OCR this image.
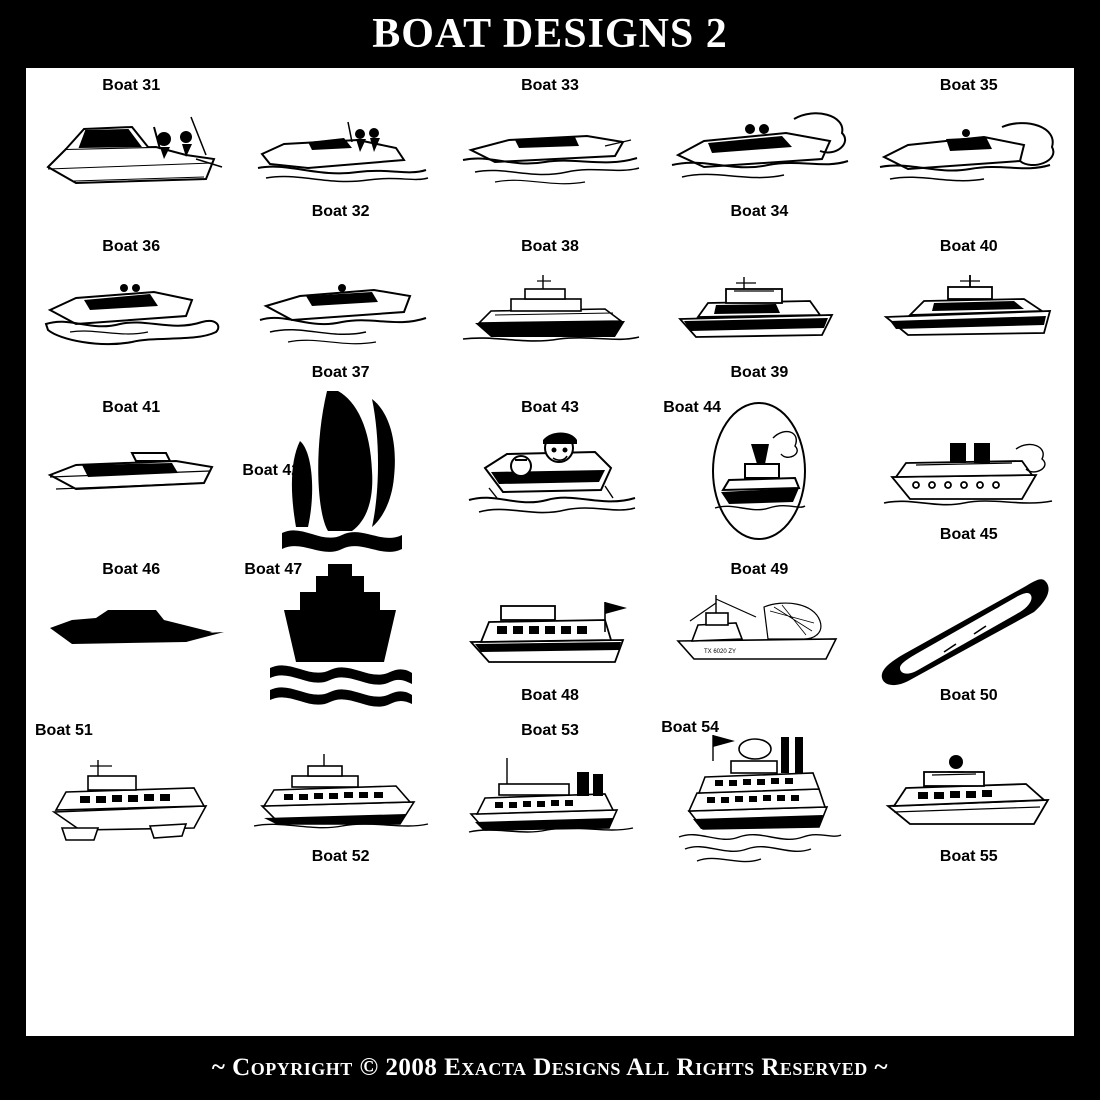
BOAT DESIGNS 2
Boat 31
Boat 32
Boat 33
Boat 34
Boat 35
Boat 36
Boat 37
Boat 38
Boat 39
Boat 40
Boat 41
Boat 42
Boat 43	Boat 44
Boat 45
Boat 46	Boat 47
Boat 48
TX 6020 ZY
Boat 49
Boat 50
Boat 51
Boat 52
Boat 53	Boat 54
Boat 55
~ Copyright © 2008 Exacta Designs All Rights Reserved ~
